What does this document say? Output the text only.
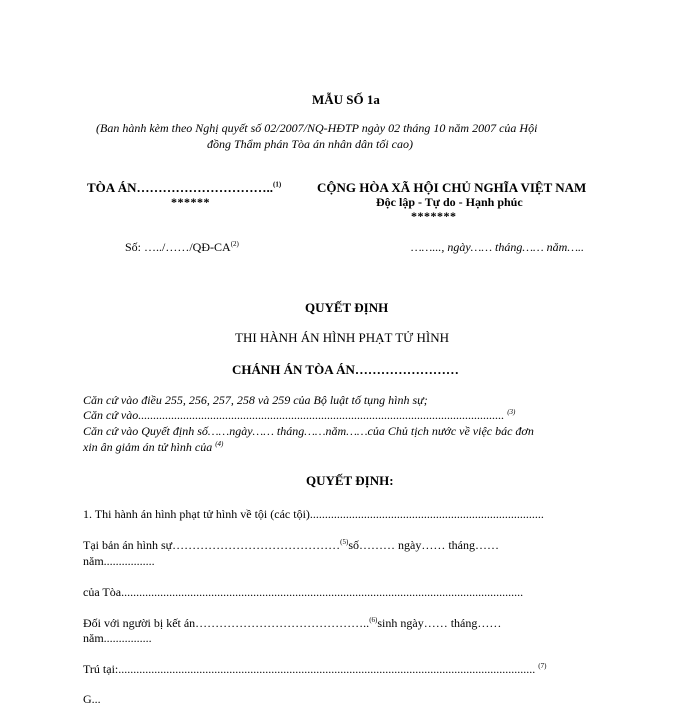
MẪU SỐ 1a
(Ban hành kèm theo Nghị quyết số 02/2007/NQ-HĐTP ngày 02 tháng 10 năm 2007 của Hội
đồng Thẩm phán Tòa án nhân dân tối cao)
TÒA ÁN…………………………..$^{(1)}$
******
Số: …../……/QĐ-CA$^{(2)}$
CỘNG HÒA XÃ HỘI CHỦ NGHĨA VIỆT NAM
Độc lập - Tự do - Hạnh phúc
*******
……..., ngày…… tháng…… năm…..
QUYẾT ĐỊNH
THI HÀNH ÁN HÌNH PHẠT TỬ HÌNH
CHÁNH ÁN TÒA ÁN……………………
Căn cứ vào điều 255, 256, 257, 258 và 259 của Bộ luật tố tụng hình sự;
Căn cứ vào.......................................................................................................................... $^{(3)}$
Căn cứ vào Quyết định số……ngày…… tháng……năm……của Chủ tịch nước về việc bác đơn
xin ân giảm án tử hình của $^{(4)}$
QUYẾT ĐỊNH:
1. Thi hành án hình phạt tử hình về tội (các tội)..............................................................................
Tại bản án hình sự……………………………………$^{(5)}$số……… ngày…… tháng……
năm.................
của Tòa......................................................................................................................................
Đối với người bị kết án……………………………………..$^{(6)}$sinh ngày…… tháng……
năm................
Trú tại:........................................................................................................................................... $^{(7)}$
G...
